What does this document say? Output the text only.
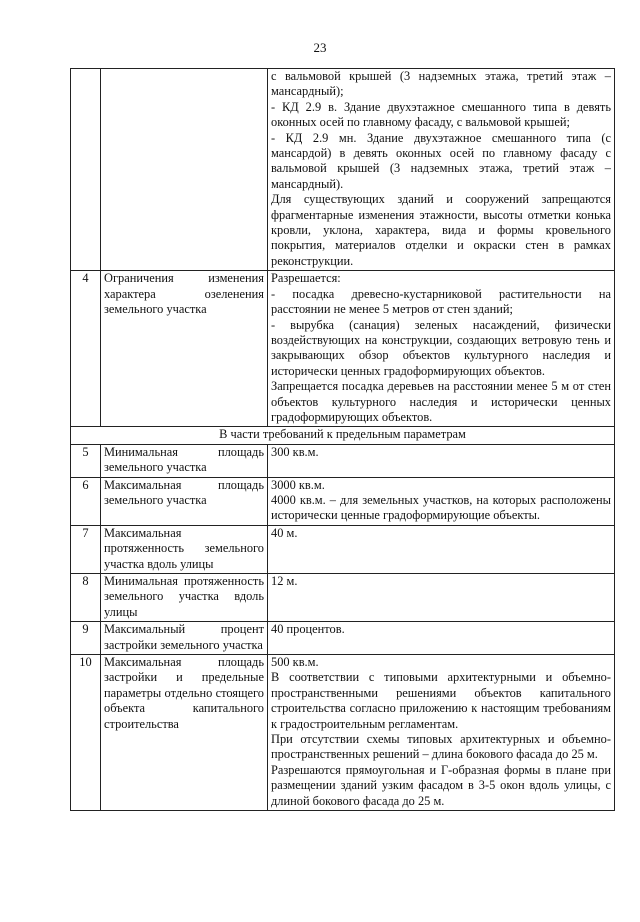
23

		с вальмовой крышей (3 надземных этажа, третий этаж – мансардный);
- КД 2.9 в. Здание двухэтажное смешанного типа в девять оконных осей по главному фасаду, с вальмовой крышей;
- КД 2.9 мн. Здание двухэтажное смешанного типа (с мансардой) в девять оконных осей по главному фасаду с вальмовой крышей (3 надземных этажа, третий этаж – мансардный).
Для существующих зданий и сооружений запрещаются фрагментарные изменения этажности, высоты отметки конька кровли, уклона, характера, вида и формы кровельного покрытия, материалов отделки и окраски стен в рамках реконструкции.

4	Ограничения изменения характера озеленения земельного участка	Разрешается:
- посадка древесно-кустарниковой растительности на расстоянии не менее 5 метров от стен зданий;
- вырубка (санация) зеленых насаждений, физически воздействующих на конструкции, создающих ветровую тень и закрывающих обзор объектов культурного наследия и исторически ценных градоформирующих объектов.
Запрещается посадка деревьев на расстоянии менее 5 м от стен объектов культурного наследия и исторически ценных градоформирующих объектов.

В части требований к предельным параметрам		
5	Минимальная площадь земельного участка	300 кв.м.

6	Максимальная площадь земельного участка	3000 кв.м.
4000 кв.м. – для земельных участков, на которых расположены исторически ценные градоформирующие объекты.

7	Максимальная протяженность земельного участка вдоль улицы	40 м.

8	Минимальная протяженность земельного участка вдоль улицы	12 м.

9	Максимальный процент застройки земельного участка	40 процентов.

10	Максимальная площадь застройки и предельные параметры отдельно стоящего объекта капитального строительства	500 кв.м.
В соответствии с типовыми архитектурными и объемно-пространственными решениями объектов капитального строительства согласно приложению к настоящим требованиям к градостроительным регламентам.
При отсутствии схемы типовых архитектурных и объемно-пространственных решений – длина бокового фасада до 25 м.
Разрешаются прямоугольная и Г-образная формы в плане при размещении зданий узким фасадом в 3-5 окон вдоль улицы, с длиной бокового фасада до 25 м.
